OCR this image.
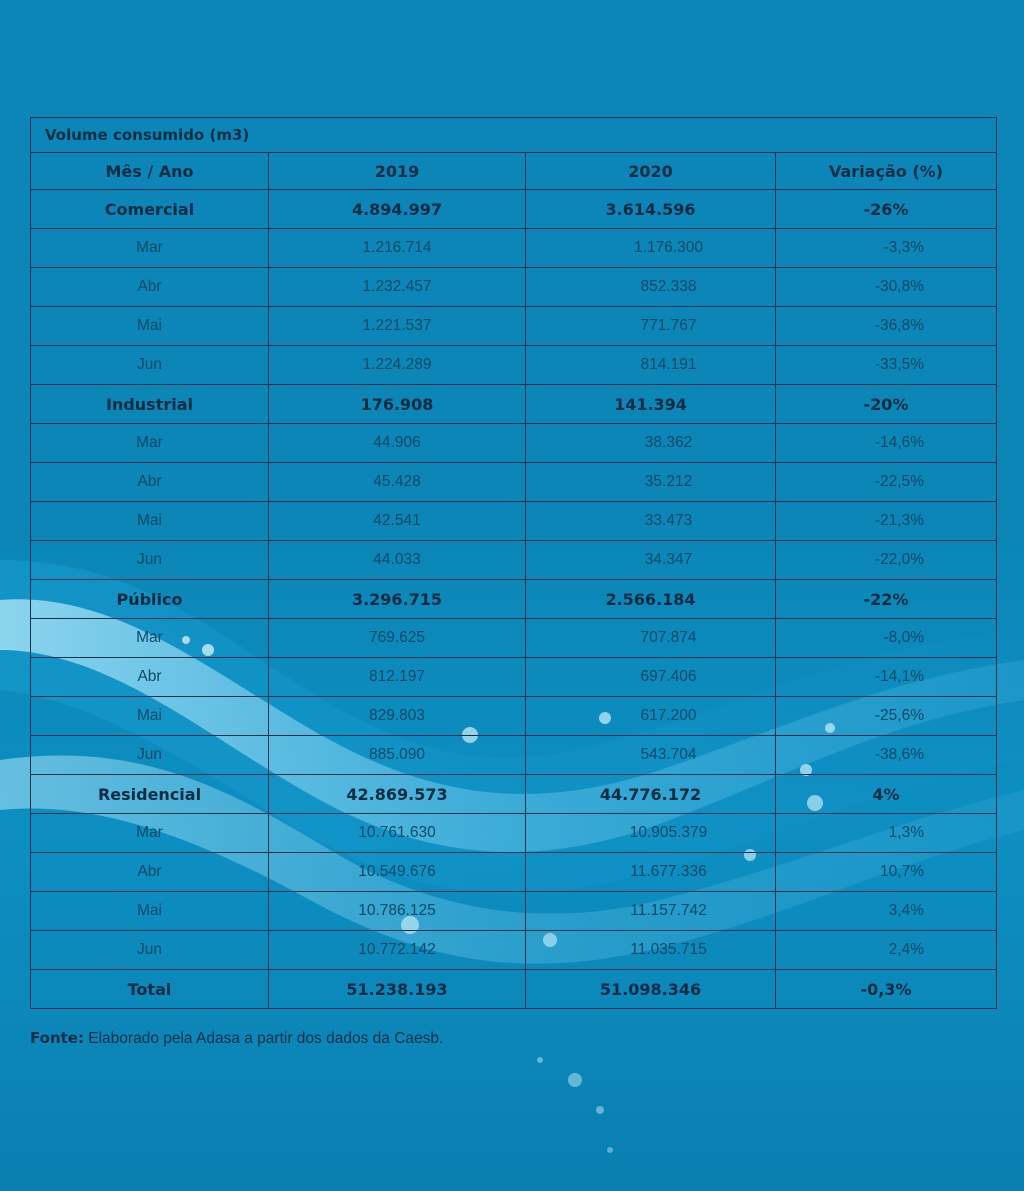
Volume consumido (m3)			
Mês / Ano	2019	2020	Variação (%)
Comercial	4.894.997	3.614.596	-26%
Mar	1.216.714	1.176.300	-3,3%
Abr	1.232.457	852.338	-30,8%
Mai	1.221.537	771.767	-36,8%
Jun	1.224.289	814.191	-33,5%
Industrial	176.908	141.394	-20%
Mar	44.906	38.362	-14,6%
Abr	45.428	35.212	-22,5%
Mai	42.541	33.473	-21,3%
Jun	44.033	34.347	-22,0%
Público	3.296.715	2.566.184	-22%
Mar	769.625	707.874	-8,0%
Abr	812.197	697.406	-14,1%
Mai	829.803	617.200	-25,6%
Jun	885.090	543.704	-38,6%
Residencial	42.869.573	44.776.172	4%
Mar	10.761.630	10.905.379	1,3%
Abr	10.549.676	11.677.336	10,7%
Mai	10.786.125	11.157.742	3,4%
Jun	10.772.142	11.035.715	2,4%
Total	51.238.193	51.098.346	-0,3%
Fonte: Elaborado pela Adasa a partir dos dados da Caesb.
